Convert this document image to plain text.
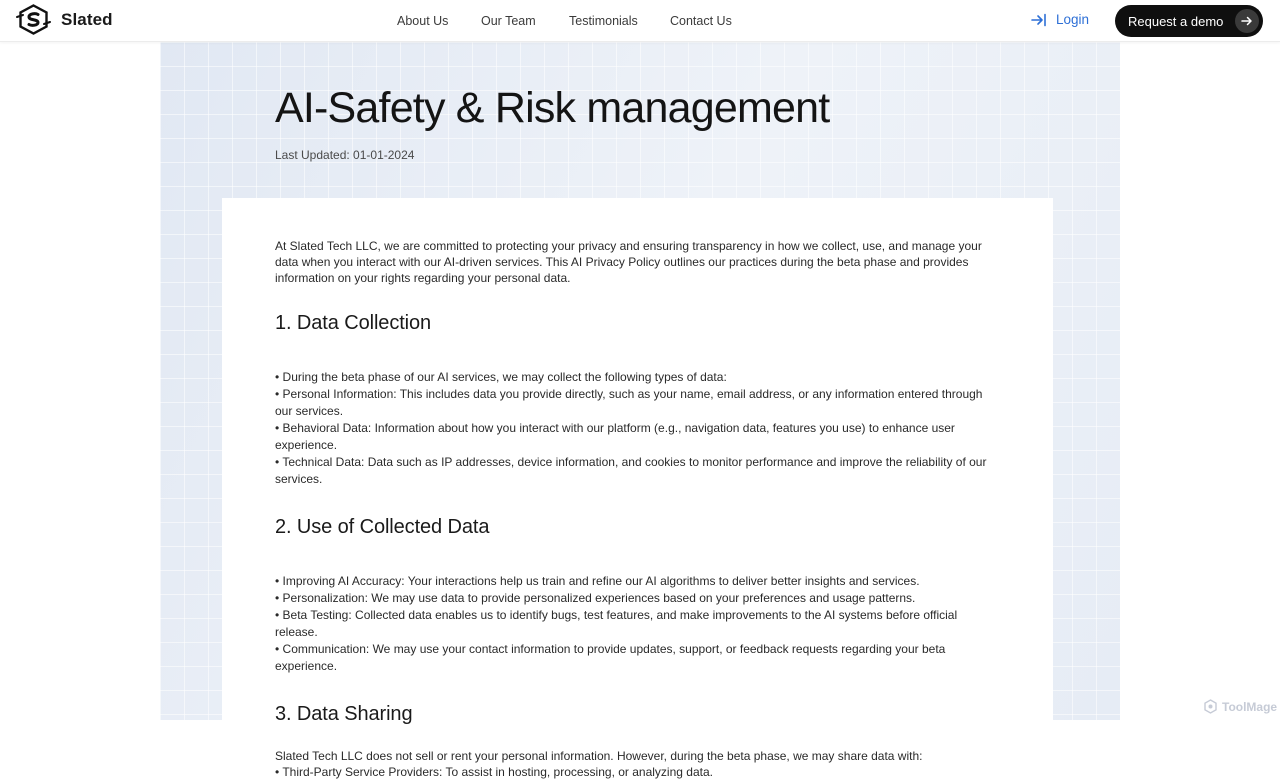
Slated	About Us	Our Team	Testimonials	Contact Us	Login	Request a demo
AI-Safety & Risk management
Last Updated: 01-01-2024

At Slated Tech LLC, we are committed to protecting your privacy and ensuring transparency in how we collect, use, and manage your data when you interact with our AI-driven services. This AI Privacy Policy outlines our practices during the beta phase and provides information on your rights regarding your personal data.

1. Data Collection
• During the beta phase of our AI services, we may collect the following types of data:
• Personal Information: This includes data you provide directly, such as your name, email address, or any information entered through our services.
• Behavioral Data: Information about how you interact with our platform (e.g., navigation data, features you use) to enhance user experience.
• Technical Data: Data such as IP addresses, device information, and cookies to monitor performance and improve the reliability of our services.
2. Use of Collected Data
• Improving AI Accuracy: Your interactions help us train and refine our AI algorithms to deliver better insights and services.
• Personalization: We may use data to provide personalized experiences based on your preferences and usage patterns.
• Beta Testing: Collected data enables us to identify bugs, test features, and make improvements to the AI systems before official release.
• Communication: We may use your contact information to provide updates, support, or feedback requests regarding your beta experience.
3. Data Sharing

Slated Tech LLC does not sell or rent your personal information. However, during the beta phase, we may share data with:

• Third-Party Service Providers: To assist in hosting, processing, or analyzing data.
ToolMage
